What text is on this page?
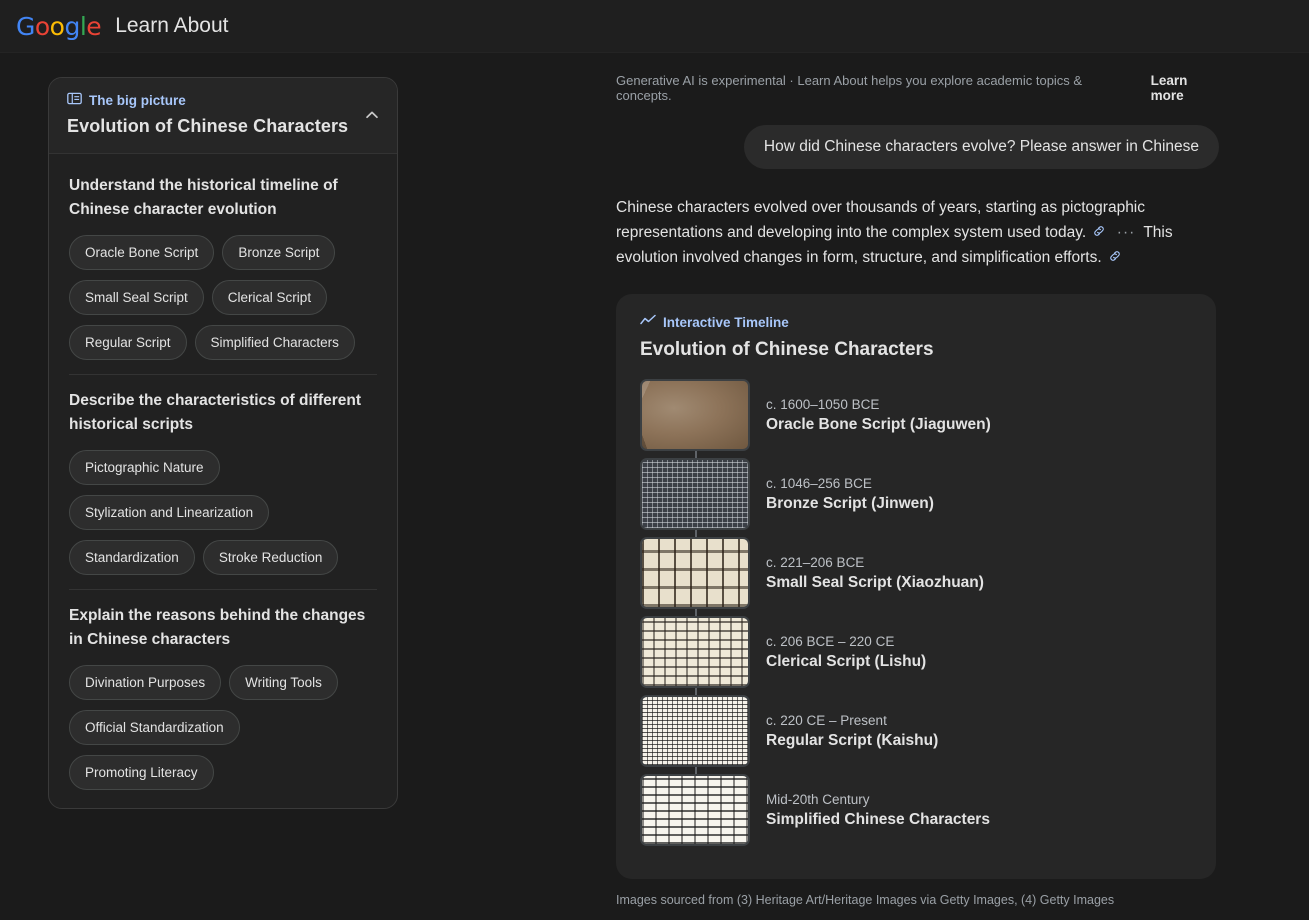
Google Learn About
The big picture
Evolution of Chinese Characters
Understand the historical timeline of Chinese character evolution
Oracle Bone Script	Bronze Script
Small Seal Script	Clerical Script
Regular Script	Simplified Characters
Describe the characteristics of different historical scripts
Pictographic Nature
Stylization and Linearization
Standardization	Stroke Reduction
Explain the reasons behind the changes in Chinese characters
Divination Purposes	Writing Tools
Official Standardization
Promoting Literacy
Generative AI is experimental · Learn About helps you explore academic topics & concepts.
Learn more
How did Chinese characters evolve? Please answer in Chinese
Chinese characters evolved over thousands of years, starting as pictographic representations and developing into the complex system used today. ··· This evolution involved changes in form, structure, and simplification efforts.
Interactive Timeline
Evolution of Chinese Characters
c. 1600–1050 BCE
Oracle Bone Script (Jiaguwen)
c. 1046–256 BCE
Bronze Script (Jinwen)
c. 221–206 BCE
Small Seal Script (Xiaozhuan)
c. 206 BCE – 220 CE
Clerical Script (Lishu)
c. 220 CE – Present
Regular Script (Kaishu)
Mid-20th Century
Simplified Chinese Characters
Images sourced from (3) Heritage Art/Heritage Images via Getty Images, (4) Getty Images
